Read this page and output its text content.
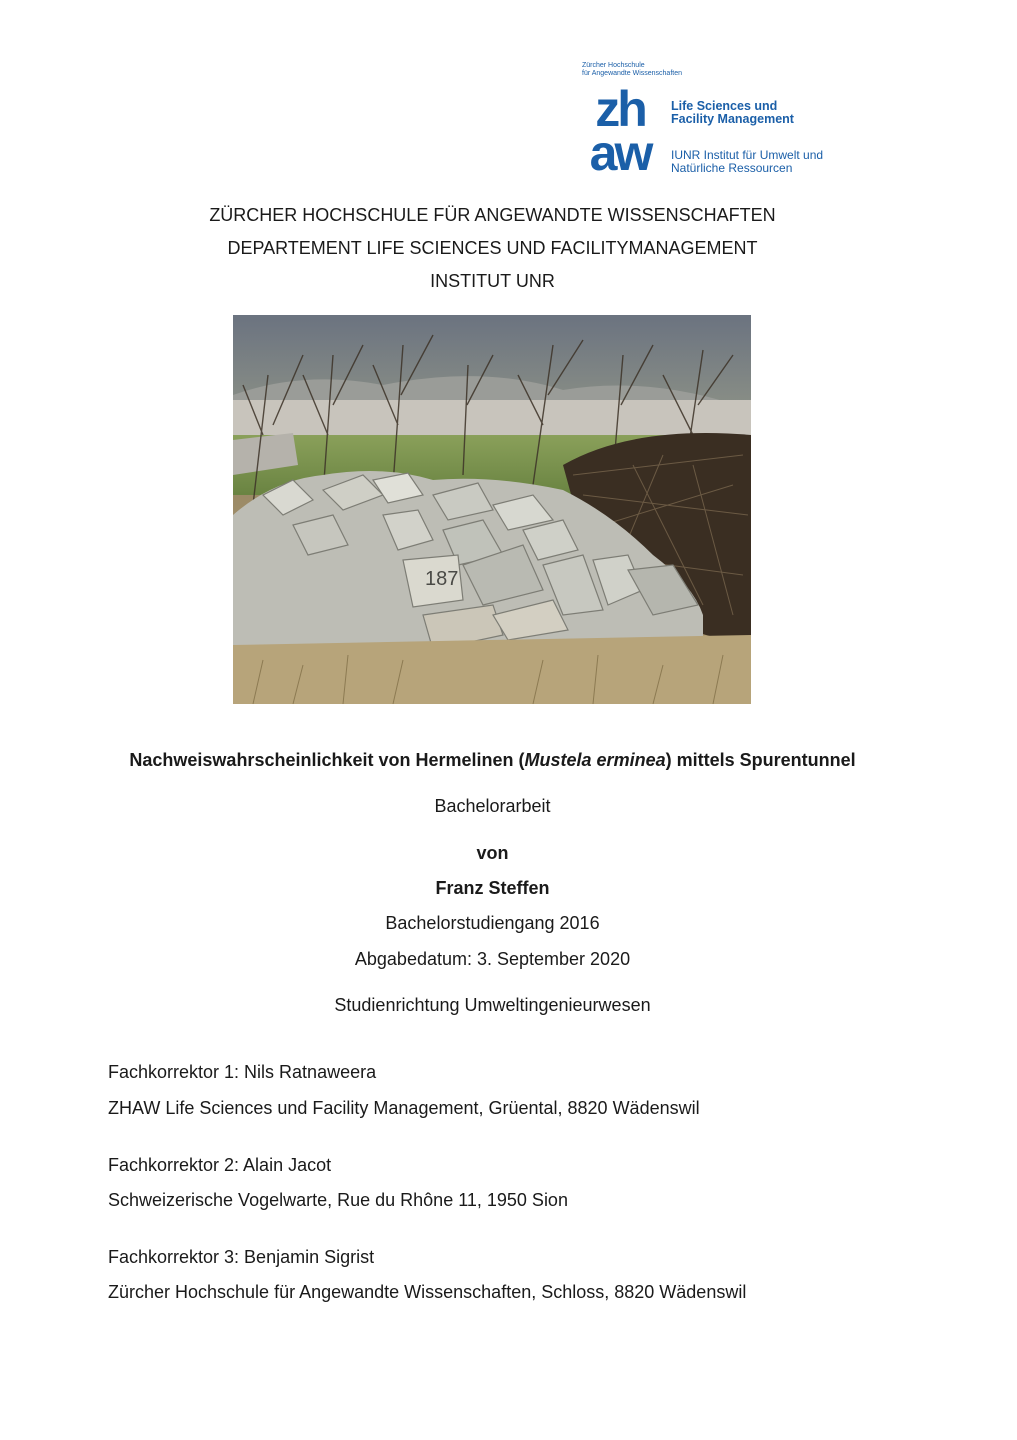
Zürcher Hochschule
für Angewandte Wissenschaften
zh
aw
Life Sciences und
Facility Management
IUNR Institut für Umwelt und
Natürliche Ressourcen
ZÜRCHER HOCHSCHULE FÜR ANGEWANDTE WISSENSCHAFTEN
DEPARTEMENT LIFE SCIENCES UND FACILITYMANAGEMENT
INSTITUT UNR
187
Nachweiswahrscheinlichkeit von Hermelinen (Mustela erminea) mittels Spurentunnel
Bachelorarbeit
von
Franz Steffen
Bachelorstudiengang 2016
Abgabedatum: 3. September 2020
Studienrichtung Umweltingenieurwesen
Fachkorrektor 1: Nils Ratnaweera
ZHAW Life Sciences und Facility Management, Grüental, 8820 Wädenswil
Fachkorrektor 2: Alain Jacot
Schweizerische Vogelwarte, Rue du Rhône 11, 1950 Sion
Fachkorrektor 3: Benjamin Sigrist
Zürcher Hochschule für Angewandte Wissenschaften, Schloss, 8820 Wädenswil
